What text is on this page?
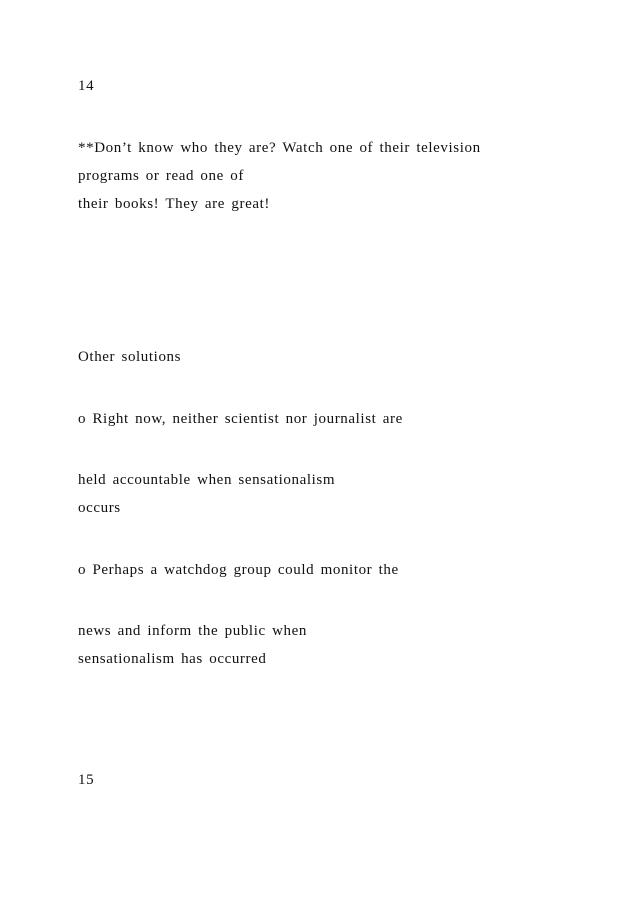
14
**Don’t know who they are? Watch one of their television
programs or read one of
their books! They are great!
Other solutions
o Right now, neither scientist nor journalist are
held accountable when sensationalism
occurs
o Perhaps a watchdog group could monitor the
news and inform the public when
sensationalism has occurred
15
